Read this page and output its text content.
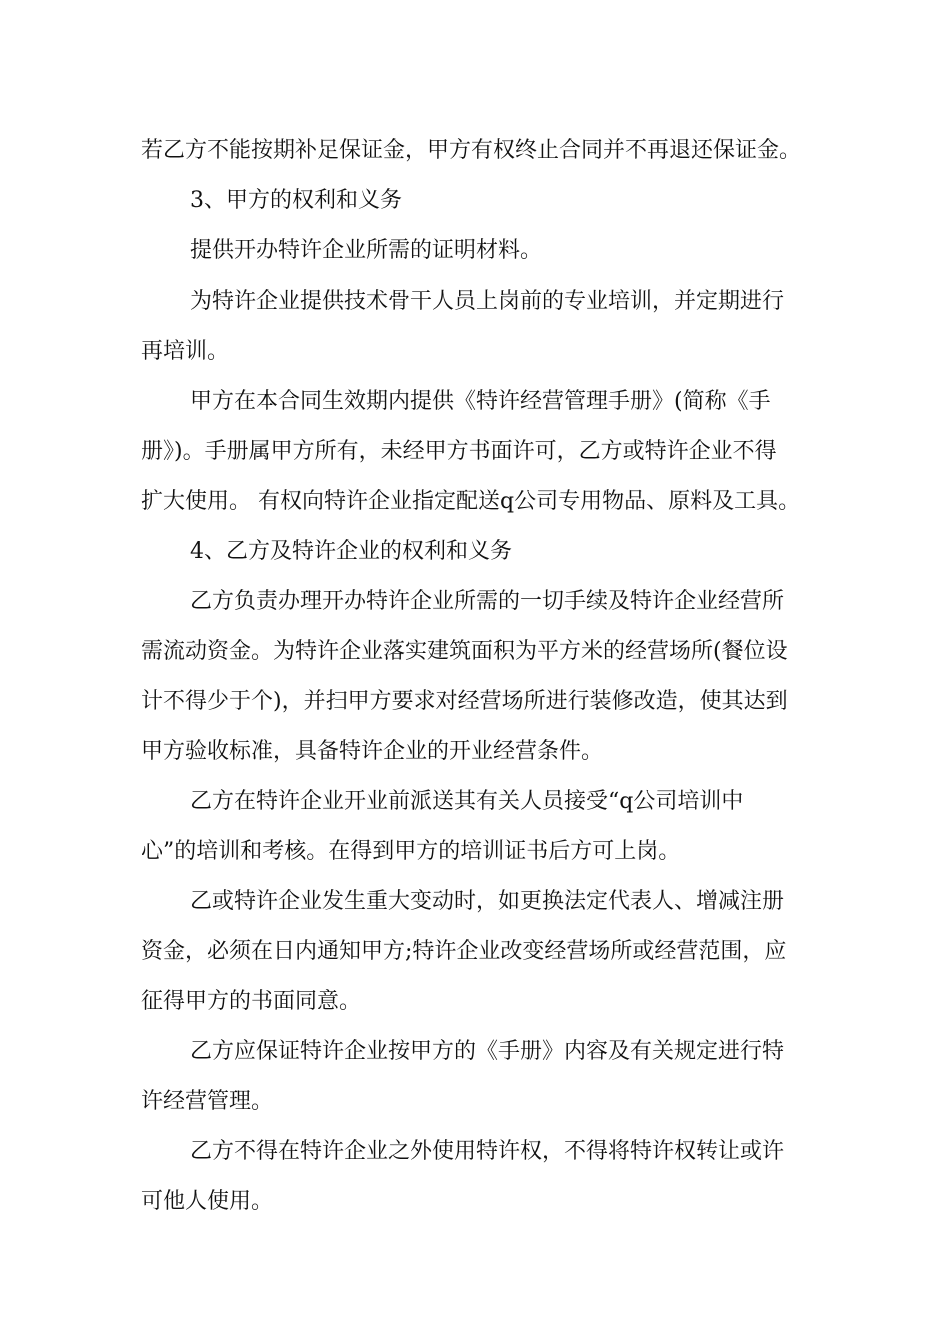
若乙方不能按期补足保证金，甲方有权终止合同并不再退还保证金。
3、甲方的权利和义务
提供开办特许企业所需的证明材料。
为特许企业提供技术骨干人员上岗前的专业培训，并定期进行
再培训。
甲方在本合同生效期内提供《特许经营管理手册》(简称《手
册》)。手册属甲方所有，未经甲方书面许可，乙方或特许企业不得
扩大使用。 有权向特许企业指定配送q公司专用物品、原料及工具。
4、乙方及特许企业的权利和义务
乙方负责办理开办特许企业所需的一切手续及特许企业经营所
需流动资金。为特许企业落实建筑面积为平方米的经营场所(餐位设
计不得少于个)，并扫甲方要求对经营场所进行装修改造，使其达到
甲方验收标准，具备特许企业的开业经营条件。
乙方在特许企业开业前派送其有关人员接受“q公司培训中
心”的培训和考核。在得到甲方的培训证书后方可上岗。
乙或特许企业发生重大变动时，如更换法定代表人、增减注册
资金，必须在日内通知甲方;特许企业改变经营场所或经营范围，应
征得甲方的书面同意。
乙方应保证特许企业按甲方的《手册》内容及有关规定进行特
许经营管理。
乙方不得在特许企业之外使用特许权，不得将特许权转让或许
可他人使用。
